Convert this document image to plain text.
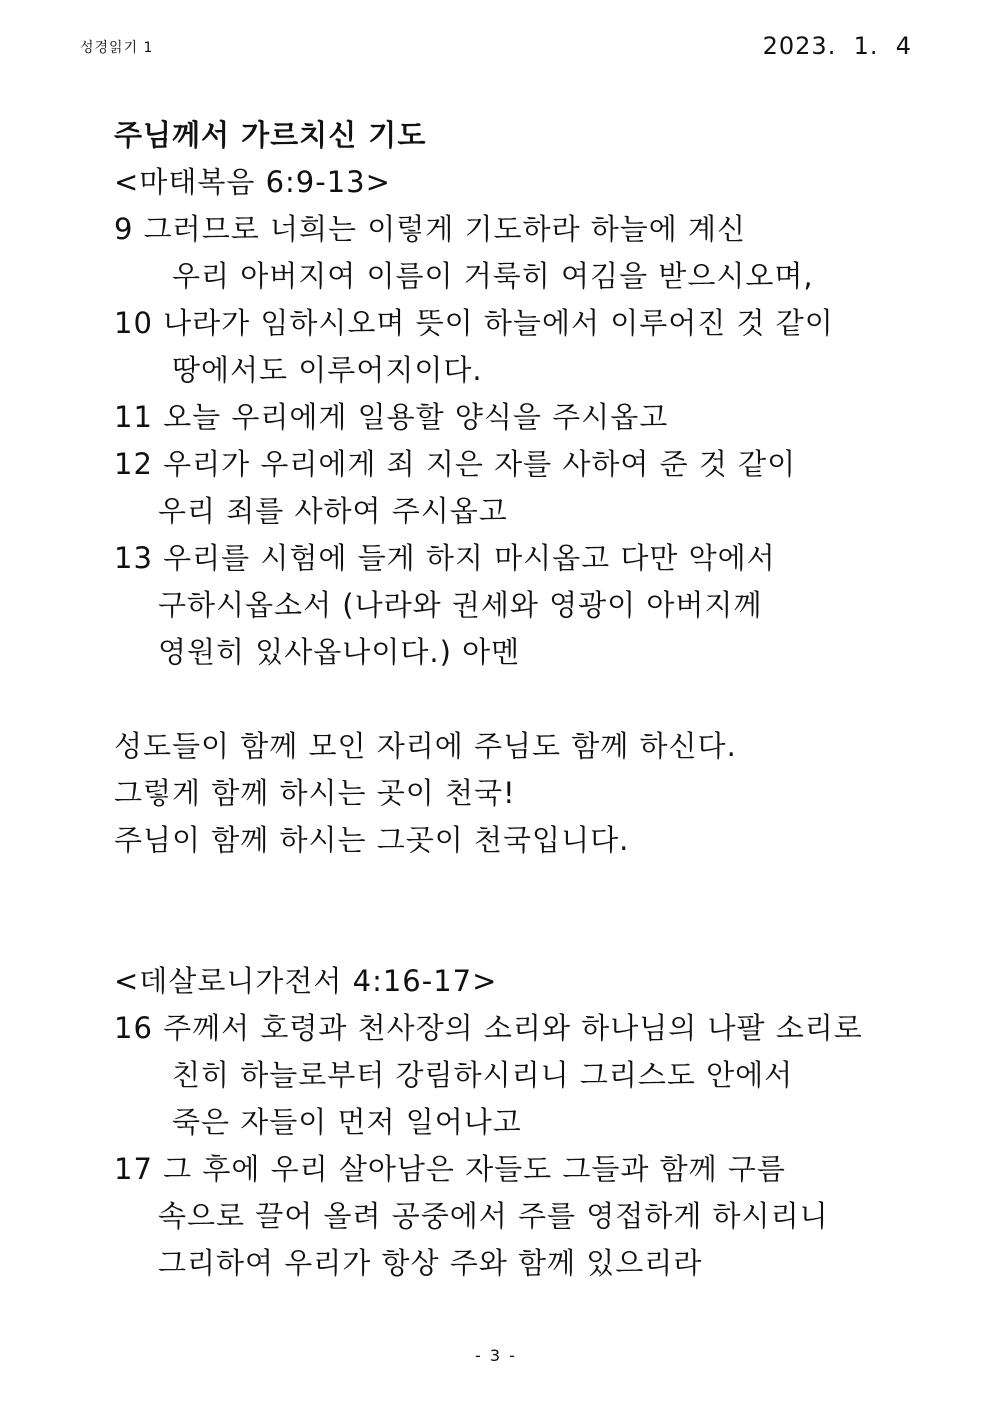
성경읽기 1	2023.  1.  4
주님께서 가르치신 기도
<마태복음 6:9-13>
9 그러므로 너희는 이렇게 기도하라 하늘에 계신
우리 아버지여 이름이 거룩히 여김을 받으시오며,
10 나라가 임하시오며 뜻이 하늘에서 이루어진 것 같이
땅에서도 이루어지이다.
11 오늘 우리에게 일용할 양식을 주시옵고
12 우리가 우리에게 죄 지은 자를 사하여 준 것 같이
우리 죄를 사하여 주시옵고
13 우리를 시험에 들게 하지 마시옵고 다만 악에서
구하시옵소서 (나라와 권세와 영광이 아버지께
영원히 있사옵나이다.) 아멘
성도들이 함께 모인 자리에 주님도 함께 하신다.
그렇게 함께 하시는 곳이 천국!
주님이 함께 하시는 그곳이 천국입니다.
<데살로니가전서 4:16-17>
16 주께서 호령과 천사장의 소리와 하나님의 나팔 소리로
친히 하늘로부터 강림하시리니 그리스도 안에서
죽은 자들이 먼저 일어나고
17 그 후에 우리 살아남은 자들도 그들과 함께 구름
속으로 끌어 올려 공중에서 주를 영접하게 하시리니
그리하여 우리가 항상 주와 함께 있으리라
- 3 -
